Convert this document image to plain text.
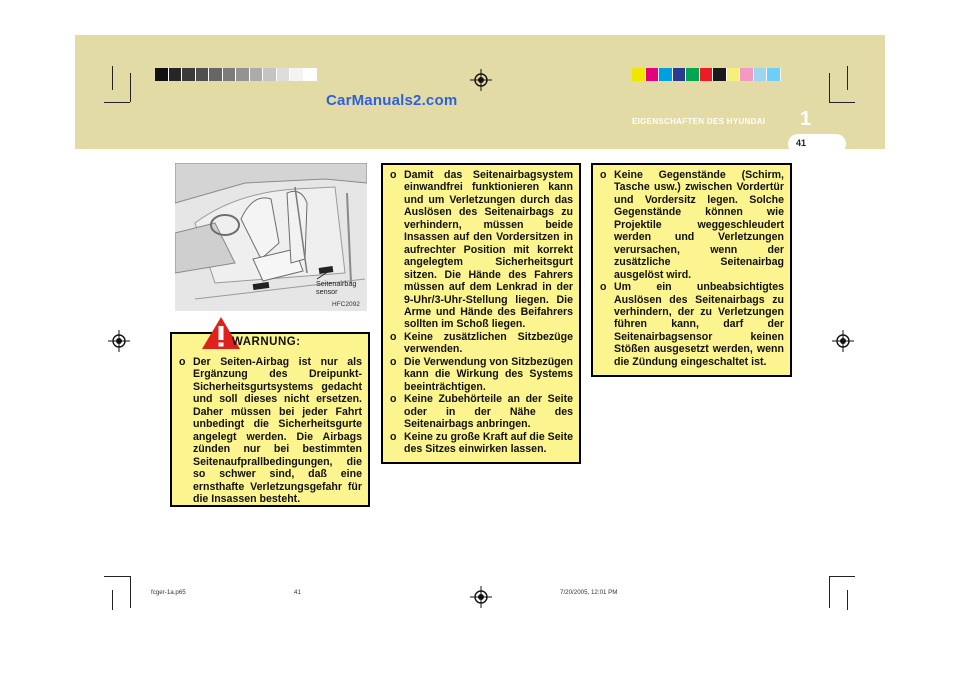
CarManuals2.com
EIGENSCHAFTEN DES HYUNDAI 1
41
Seitenairbag sensor
HFC2092
o Der Seiten-Airbag ist nur als Ergänzung des Dreipunkt-Sicherheitsgurtsystems gedacht und soll dieses nicht ersetzen. Daher müssen bei jeder Fahrt unbedingt die Sicherheitsgurte angelegt werden. Die Airbags zünden nur bei bestimmten Seitenaufprallbedingungen, die so schwer sind, daß eine ernsthafte Verletzungsgefahr für die Insassen besteht.
WARNUNG:
o Damit das Seitenairbagsystem einwandfrei funktionieren kann und um Verletzungen durch das Auslösen des Seitenairbags zu verhindern, müssen beide Insassen auf den Vordersitzen in aufrechter Position mit korrekt angelegtem Sicherheitsgurt sitzen. Die Hände des Fahrers müssen auf dem Lenkrad in der 9-Uhr/3-Uhr-Stellung liegen. Die Arme und Hände des Beifahrers sollten im Schoß liegen.
o Keine zusätzlichen Sitzbezüge verwenden.
o Die Verwendung von Sitzbezügen kann die Wirkung des Systems beeinträchtigen.
o Keine Zubehörteile an der Seite oder in der Nähe des Seitenairbags anbringen.
o Keine zu große Kraft auf die Seite des Sitzes einwirken lassen.
o Keine Gegenstände (Schirm, Tasche usw.) zwischen Vordertür und Vordersitz legen. Solche Gegenstände können wie Projektile weggeschleudert werden und Verletzungen verursachen, wenn der zusätzliche Seitenairbag ausgelöst wird.
o Um ein unbeabsichtigtes Auslösen des Seitenairbags zu verhindern, der zu Verletzungen führen kann, darf der Seitenairbagsensor keinen Stößen ausgesetzt werden, wenn die Zündung eingeschaltet ist.
fcger-1a.p65	41	7/20/2005, 12:01 PM
